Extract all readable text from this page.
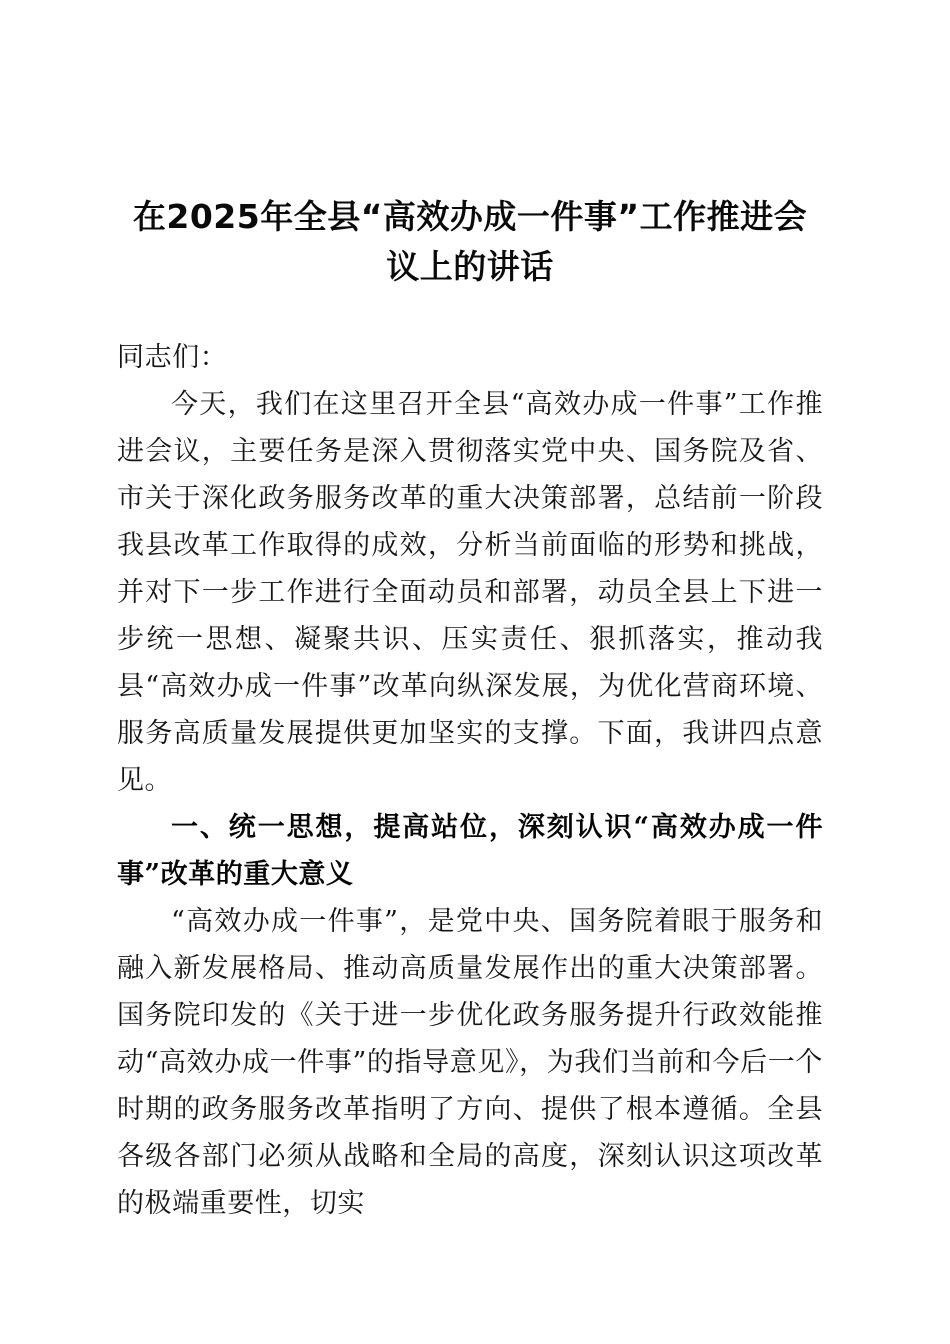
在2025年全县“高效办成一件事”工作推进会议上的讲话

同志们：

今天，我们在这里召开全县“高效办成一件事”工作推进会议，主要任务是深入贯彻落实党中央、国务院及省、市关于深化政务服务改革的重大决策部署，总结前一阶段我县改革工作取得的成效，分析当前面临的形势和挑战，并对下一步工作进行全面动员和部署，动员全县上下进一步统一思想、凝聚共识、压实责任、狠抓落实，推动我县“高效办成一件事”改革向纵深发展，为优化营商环境、服务高质量发展提供更加坚实的支撑。下面，我讲四点意见。

一、统一思想，提高站位，深刻认识“高效办成一件事”改革的重大意义

“高效办成一件事”，是党中央、国务院着眼于服务和融入新发展格局、推动高质量发展作出的重大决策部署。国务院印发的《关于进一步优化政务服务提升行政效能推动“高效办成一件事”的指导意见》，为我们当前和今后一个时期的政务服务改革指明了方向、提供了根本遵循。全县各级各部门必须从战略和全局的高度，深刻认识这项改革的极端重要性，切实
